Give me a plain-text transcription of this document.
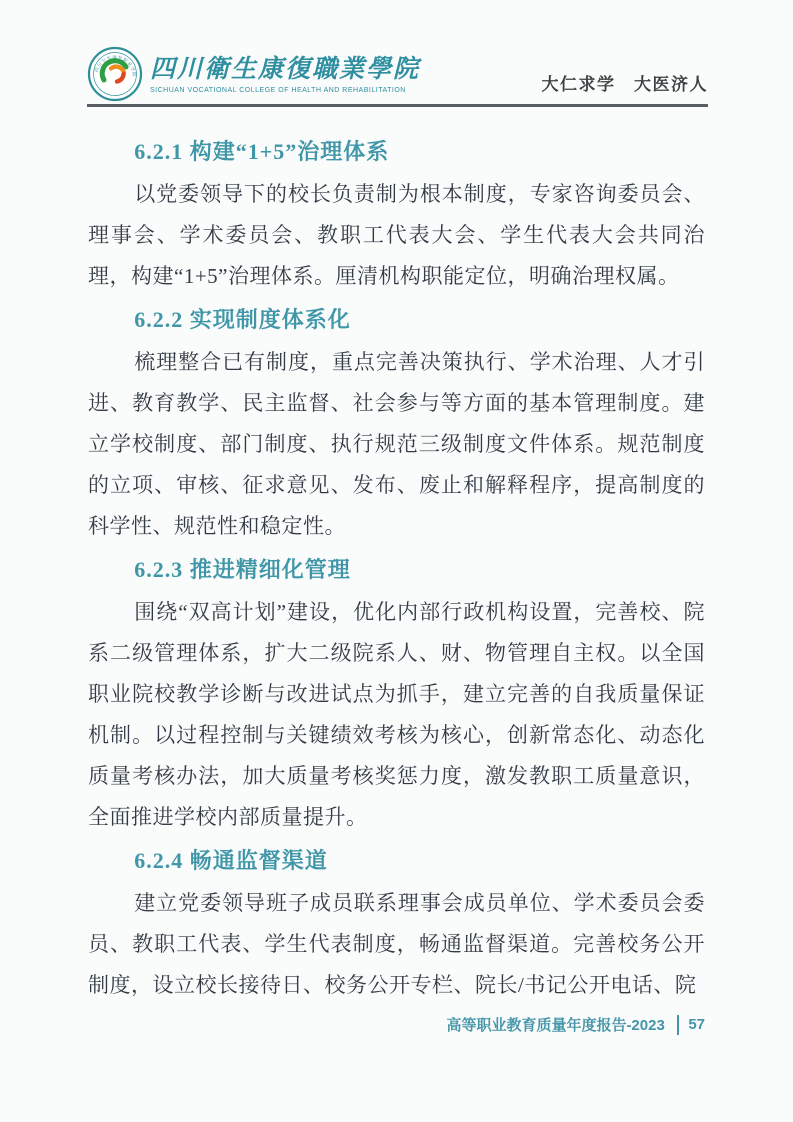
四川卫生康复职业学院 四川衛生康復職業學院
SICHUAN VOCATIONAL COLLEGE OF HEALTH AND REHABILITATION	大仁求学　大医济人
6.2.1 构建“1+5”治理体系

以党委领导下的校长负责制为根本制度，专家咨询委员会、理事会、学术委员会、教职工代表大会、学生代表大会共同治理，构建“1+5”治理体系。厘清机构职能定位，明确治理权属。

6.2.2 实现制度体系化

梳理整合已有制度，重点完善决策执行、学术治理、人才引进、教育教学、民主监督、社会参与等方面的基本管理制度。建立学校制度、部门制度、执行规范三级制度文件体系。规范制度的立项、审核、征求意见、发布、废止和解释程序，提高制度的科学性、规范性和稳定性。

6.2.3 推进精细化管理

围绕“双高计划”建设，优化内部行政机构设置，完善校、院系二级管理体系，扩大二级院系人、财、物管理自主权。以全国职业院校教学诊断与改进试点为抓手，建立完善的自我质量保证机制。以过程控制与关键绩效考核为核心，创新常态化、动态化质量考核办法，加大质量考核奖惩力度，激发教职工质量意识，全面推进学校内部质量提升。

6.2.4 畅通监督渠道

建立党委领导班子成员联系理事会成员单位、学术委员会委员、教职工代表、学生代表制度，畅通监督渠道。完善校务公开制度，设立校长接待日、校务公开专栏、院长/书记公开电话、院

高等职业教育质量年度报告-2023 57
